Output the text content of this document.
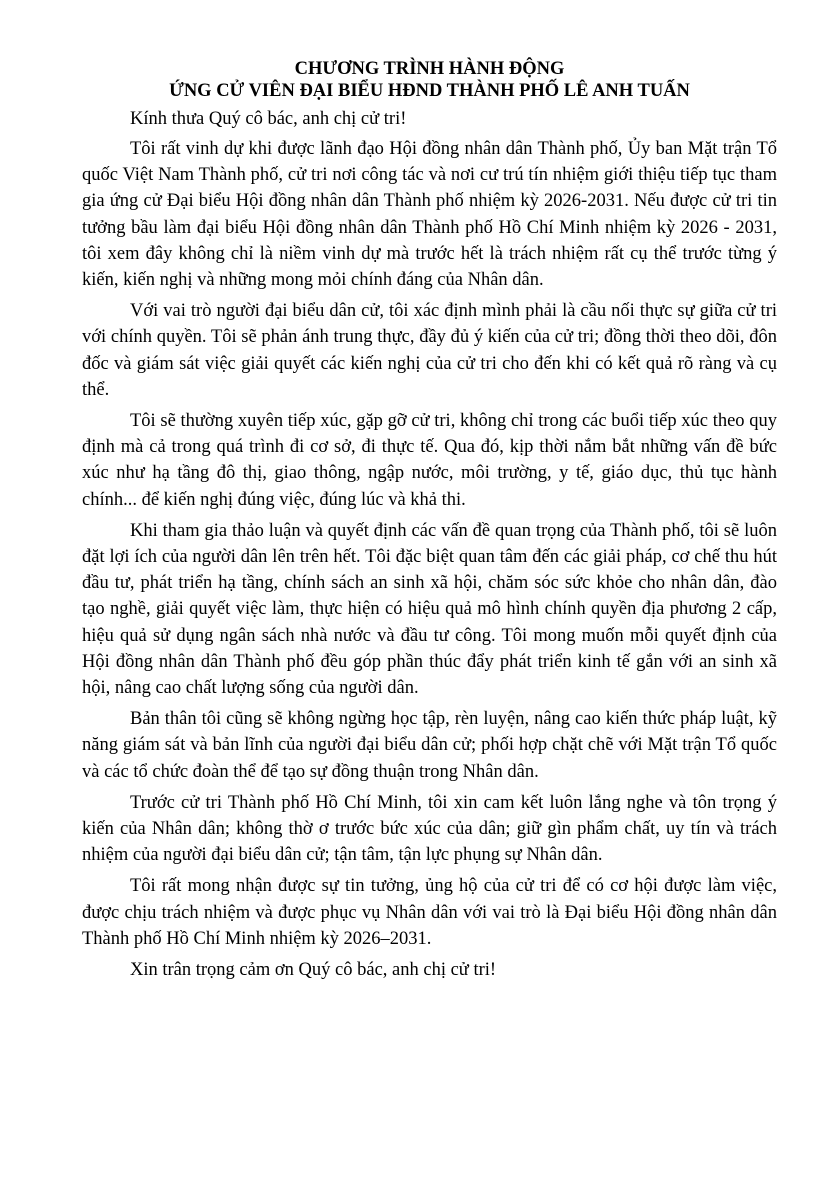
CHƯƠNG TRÌNH HÀNH ĐỘNG
ỨNG CỬ VIÊN ĐẠI BIỂU HĐND THÀNH PHỐ LÊ ANH TUẤN

Kính thưa Quý cô bác, anh chị cử tri!

Tôi rất vinh dự khi được lãnh đạo Hội đồng nhân dân Thành phố, Ủy ban Mặt trận Tổ quốc Việt Nam Thành phố, cử tri nơi công tác và nơi cư trú tín nhiệm giới thiệu tiếp tục tham gia ứng cử Đại biểu Hội đồng nhân dân Thành phố nhiệm kỳ 2026-2031. Nếu được cử tri tin tưởng bầu làm đại biểu Hội đồng nhân dân Thành phố Hồ Chí Minh nhiệm kỳ 2026 - 2031, tôi xem đây không chỉ là niềm vinh dự mà trước hết là trách nhiệm rất cụ thể trước từng ý kiến, kiến nghị và những mong mỏi chính đáng của Nhân dân.

Với vai trò người đại biểu dân cử, tôi xác định mình phải là cầu nối thực sự giữa cử tri với chính quyền. Tôi sẽ phản ánh trung thực, đầy đủ ý kiến của cử tri; đồng thời theo dõi, đôn đốc và giám sát việc giải quyết các kiến nghị của cử tri cho đến khi có kết quả rõ ràng và cụ thể.

Tôi sẽ thường xuyên tiếp xúc, gặp gỡ cử tri, không chỉ trong các buổi tiếp xúc theo quy định mà cả trong quá trình đi cơ sở, đi thực tế. Qua đó, kịp thời nắm bắt những vấn đề bức xúc như hạ tầng đô thị, giao thông, ngập nước, môi trường, y tế, giáo dục, thủ tục hành chính... để kiến nghị đúng việc, đúng lúc và khả thi.

Khi tham gia thảo luận và quyết định các vấn đề quan trọng của Thành phố, tôi sẽ luôn đặt lợi ích của người dân lên trên hết. Tôi đặc biệt quan tâm đến các giải pháp, cơ chế thu hút đầu tư, phát triển hạ tầng, chính sách an sinh xã hội, chăm sóc sức khỏe cho nhân dân, đào tạo nghề, giải quyết việc làm, thực hiện có hiệu quả mô hình chính quyền địa phương 2 cấp, hiệu quả sử dụng ngân sách nhà nước và đầu tư công. Tôi mong muốn mỗi quyết định của Hội đồng nhân dân Thành phố đều góp phần thúc đẩy phát triển kinh tế gắn với an sinh xã hội, nâng cao chất lượng sống của người dân.

Bản thân tôi cũng sẽ không ngừng học tập, rèn luyện, nâng cao kiến thức pháp luật, kỹ năng giám sát và bản lĩnh của người đại biểu dân cử; phối hợp chặt chẽ với Mặt trận Tổ quốc và các tổ chức đoàn thể để tạo sự đồng thuận trong Nhân dân.

Trước cử tri Thành phố Hồ Chí Minh, tôi xin cam kết luôn lắng nghe và tôn trọng ý kiến của Nhân dân; không thờ ơ trước bức xúc của dân; giữ gìn phẩm chất, uy tín và trách nhiệm của người đại biểu dân cử; tận tâm, tận lực phụng sự Nhân dân.

Tôi rất mong nhận được sự tin tưởng, ủng hộ của cử tri để có cơ hội được làm việc, được chịu trách nhiệm và được phục vụ Nhân dân với vai trò là Đại biểu Hội đồng nhân dân Thành phố Hồ Chí Minh nhiệm kỳ 2026–2031.

Xin trân trọng cảm ơn Quý cô bác, anh chị cử tri!
